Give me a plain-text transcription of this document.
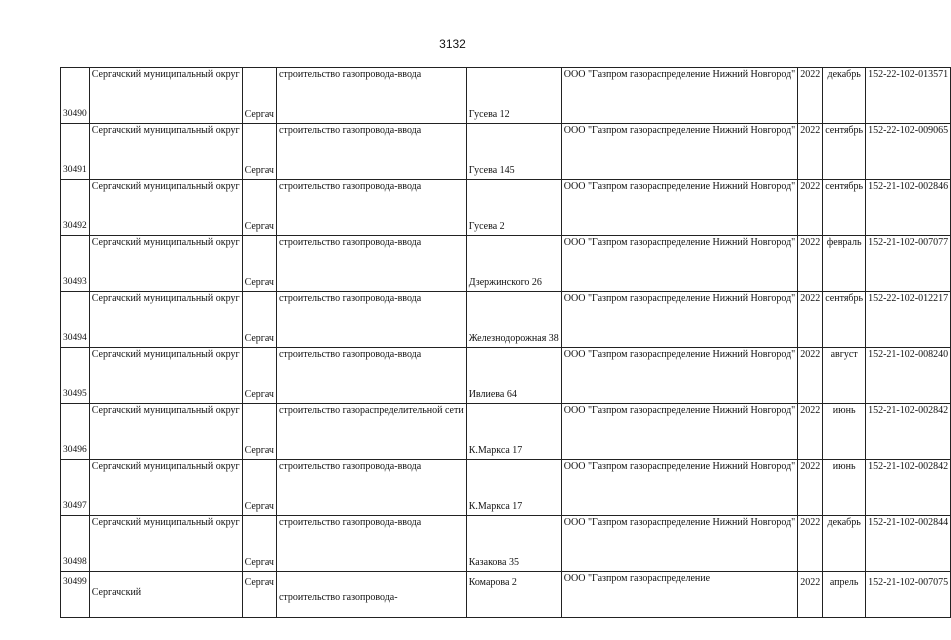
3132
30490	Сергачский муниципальный округ	Сергач	строительство газопровода-ввода	Гусева 12	ООО "Газпром газораспределение Нижний Новгород"	2022	декабрь	152-22-102-013571
30491	Сергачский муниципальный округ	Сергач	строительство газопровода-ввода	Гусева 145	ООО "Газпром газораспределение Нижний Новгород"	2022	сентябрь	152-22-102-009065
30492	Сергачский муниципальный округ	Сергач	строительство газопровода-ввода	Гусева 2	ООО "Газпром газораспределение Нижний Новгород"	2022	сентябрь	152-21-102-002846
30493	Сергачский муниципальный округ	Сергач	строительство газопровода-ввода	Дзержинского 26	ООО "Газпром газораспределение Нижний Новгород"	2022	февраль	152-21-102-007077
30494	Сергачский муниципальный округ	Сергач	строительство газопровода-ввода	Железнодорожная 38	ООО "Газпром газораспределение Нижний Новгород"	2022	сентябрь	152-22-102-012217
30495	Сергачский муниципальный округ	Сергач	строительство газопровода-ввода	Ивлиева 64	ООО "Газпром газораспределение Нижний Новгород"	2022	август	152-21-102-008240
30496	Сергачский муниципальный округ	Сергач	строительство газораспределительной сети	К.Маркса 17	ООО "Газпром газораспределение Нижний Новгород"	2022	июнь	152-21-102-002842
30497	Сергачский муниципальный округ	Сергач	строительство газопровода-ввода	К.Маркса 17	ООО "Газпром газораспределение Нижний Новгород"	2022	июнь	152-21-102-002842
30498	Сергачский муниципальный округ	Сергач	строительство газопровода-ввода	Казакова 35	ООО "Газпром газораспределение Нижний Новгород"	2022	декабрь	152-21-102-002844
30499	Сергачский	Сергач	строительство газопровода-	Комарова 2	ООО "Газпром газораспределение	2022	апрель	152-21-102-007075
